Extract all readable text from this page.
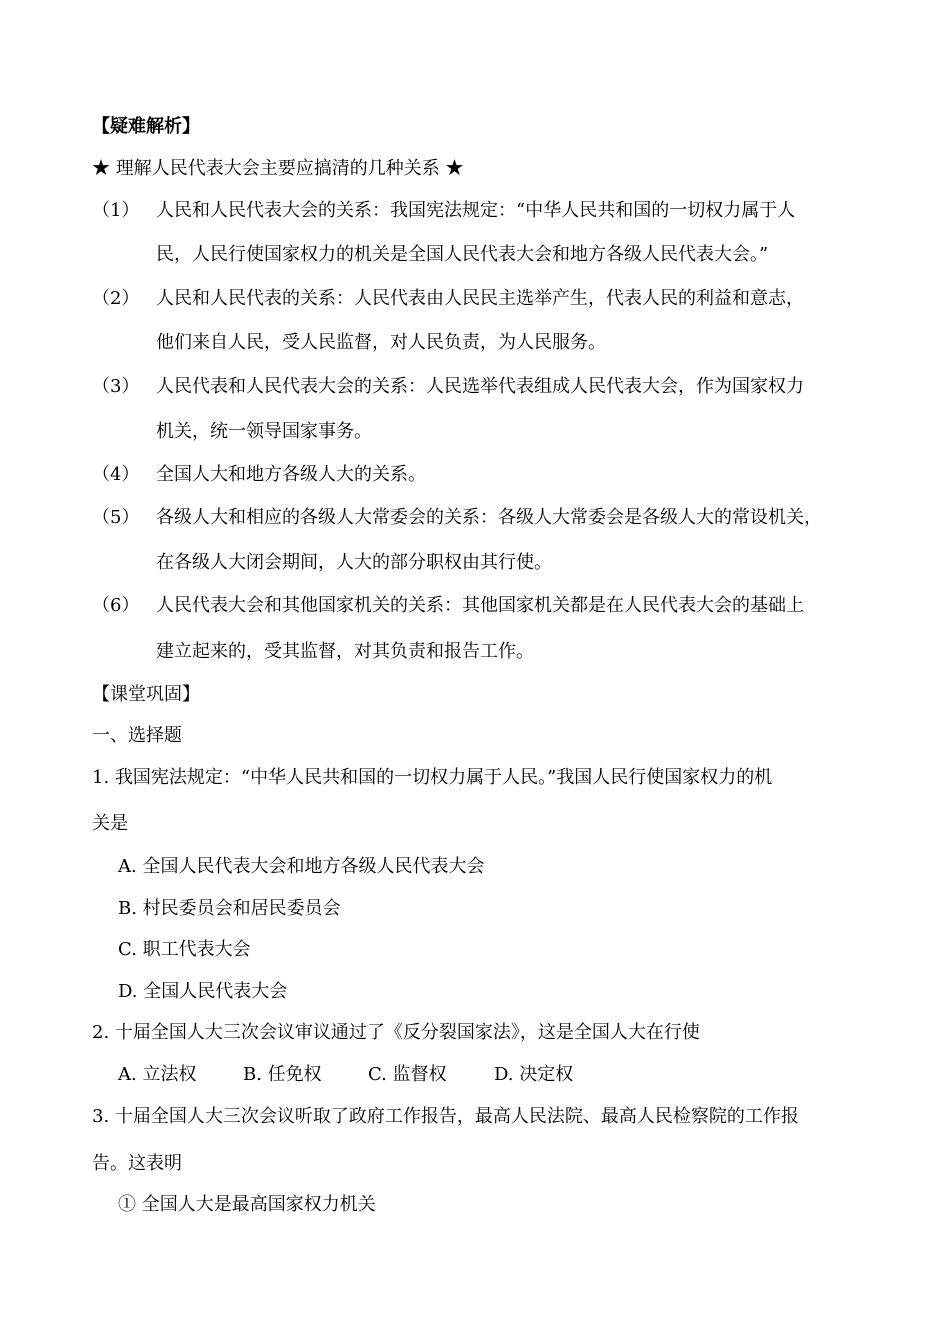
【疑难解析】
★ 理解人民代表大会主要应搞清的几种关系 ★
（1） 人民和人民代表大会的关系：我国宪法规定：“中华人民共和国的一切权力属于人
民，人民行使国家权力的机关是全国人民代表大会和地方各级人民代表大会。”
（2） 人民和人民代表的关系：人民代表由人民民主选举产生，代表人民的利益和意志，
他们来自人民，受人民监督，对人民负责，为人民服务。
（3） 人民代表和人民代表大会的关系：人民选举代表组成人民代表大会，作为国家权力
机关，统一领导国家事务。
（4） 全国人大和地方各级人大的关系。
（5） 各级人大和相应的各级人大常委会的关系：各级人大常委会是各级人大的常设机关，
在各级人大闭会期间，人大的部分职权由其行使。
（6） 人民代表大会和其他国家机关的关系：其他国家机关都是在人民代表大会的基础上
建立起来的，受其监督，对其负责和报告工作。
【课堂巩固】
一、选择题
1. 我国宪法规定：“中华人民共和国的一切权力属于人民。”我国人民行使国家权力的机
关是
A. 全国人民代表大会和地方各级人民代表大会
B. 村民委员会和居民委员会
C. 职工代表大会
D. 全国人民代表大会
2. 十届全国人大三次会议审议通过了《反分裂国家法》，这是全国人大在行使
A. 立法权	B. 任免权	C. 监督权	D. 决定权
3. 十届全国人大三次会议听取了政府工作报告，最高人民法院、最高人民检察院的工作报
告。这表明
① 全国人大是最高国家权力机关
